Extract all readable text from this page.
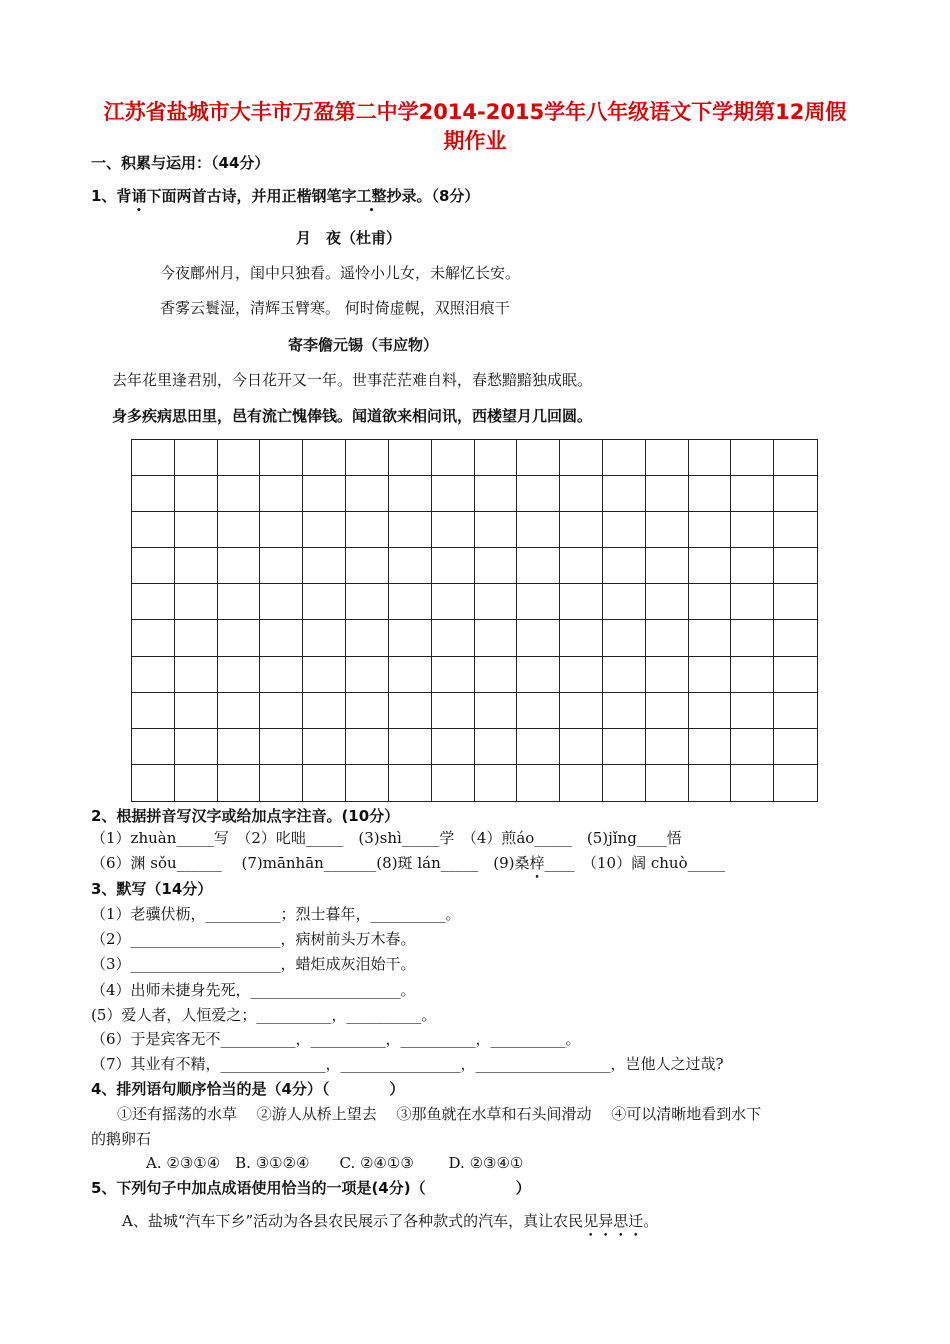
江苏省盐城市大丰市万盈第二中学2014-2015学年八年级语文下学期第12周假
期作业
一、积累与运用：（44分）
1、背诵下面两首古诗，并用正楷钢笔字工整抄录。（8分）
月　夜（杜甫）
今夜鄜州月，闺中只独看。遥怜小儿女，未解忆长安。
香雾云鬟湿，清辉玉臂寒。 何时倚虚幌，双照泪痕干
寄李儋元锡（韦应物）
去年花里逢君别，今日花开又一年。世事茫茫难自料，春愁黯黯独成眠。
身多疾病思田里，邑有流亡愧俸钱。闻道欲来相问讯，西楼望月几回圆。
2、根据拼音写汉字或给加点字注音。(10分）
（1）zhuàn_____写　（2）叱咄_____　(3)shì_____学　（4）煎áo_____　(5)jǐng____悟
（6）渊 sǒu______　 (7)mānhān_______(8)斑 lán_____　(9)桑梓____　（10）阔 chuò_____
3、默写（14分）
（1）老骥伏枥，__________；烈士暮年，__________。
（2）____________________，病树前头万木春。
（3）____________________，蜡炬成灰泪始干。
（4）出师未捷身先死，____________________。
(5）爱人者，人恒爱之；__________，__________。
（6）于是宾客无不__________，__________，__________，__________。
（7）其业有不精，______________，________________，__________________，岂他人之过哉?
4、排列语句顺序恰当的是（4分）（　　　　）
①还有摇荡的水草　 ②游人从桥上望去　 ③那鱼就在水草和石头间滑动　 ④可以清晰地看到水下
的鹅卵石
A. ②③①④　B. ③①②④　　C. ②④①③　　 D. ②③④①
5、下列句子中加点成语使用恰当的一项是(4分)（　　　　　　）
A、盐城“汽车下乡”活动为各县农民展示了各种款式的汽车，真让农民见异思迁。
